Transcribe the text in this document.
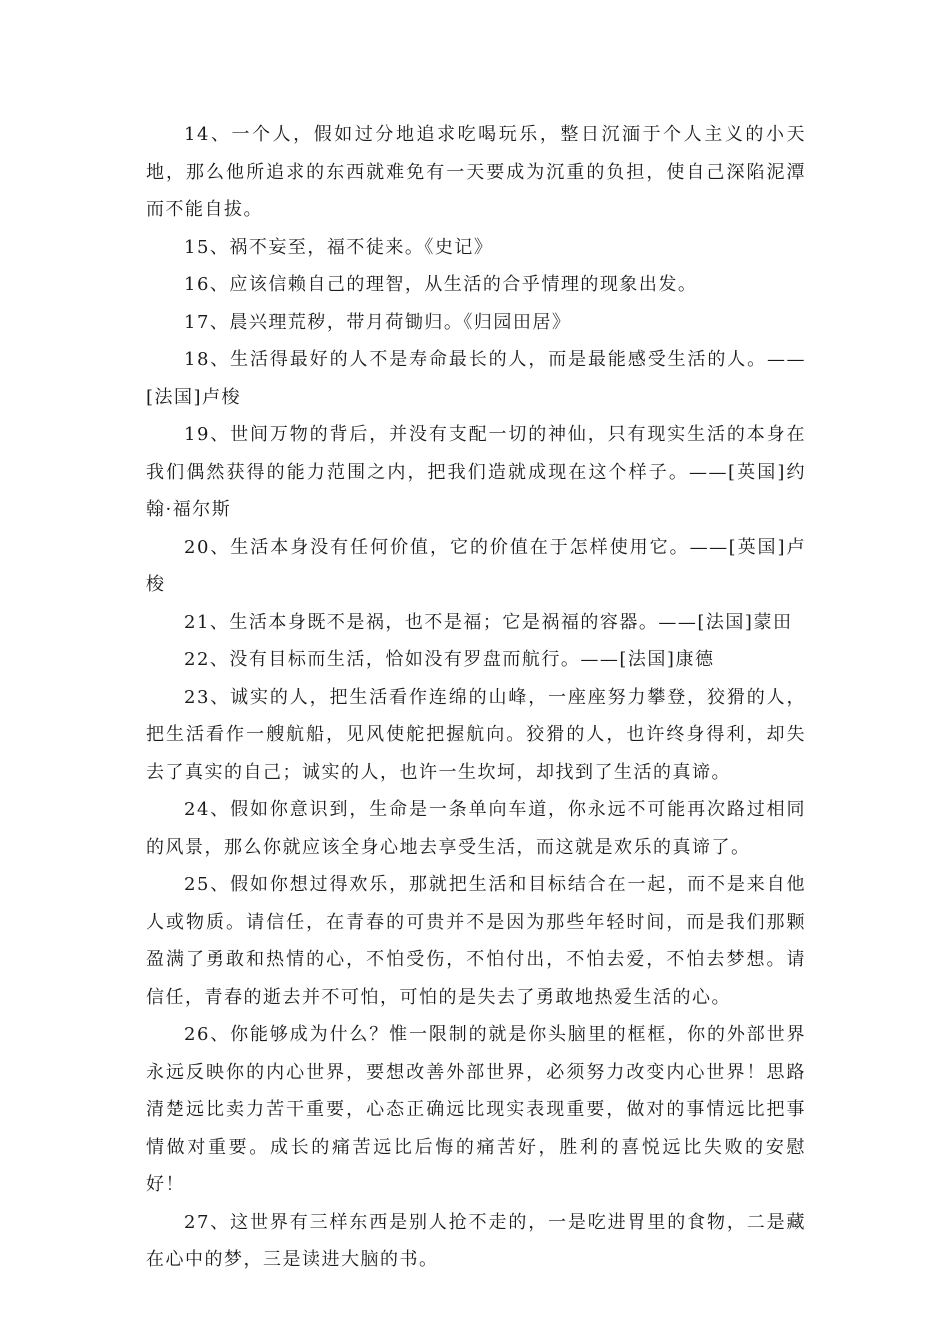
14、一个人，假如过分地追求吃喝玩乐，整日沉湎于个人主义的小天地，那么他所追求的东西就难免有一天要成为沉重的负担，使自己深陷泥潭而不能自拔。

15、祸不妄至，福不徒来。《史记》

16、应该信赖自己的理智，从生活的合乎情理的现象出发。

17、晨兴理荒秽，带月荷锄归。《归园田居》

18、生活得最好的人不是寿命最长的人，而是最能感受生活的人。——[法国]卢梭

19、世间万物的背后，并没有支配一切的神仙，只有现实生活的本身在我们偶然获得的能力范围之内，把我们造就成现在这个样子。——[英国]约翰·福尔斯

20、生活本身没有任何价值，它的价值在于怎样使用它。——[英国]卢梭

21、生活本身既不是祸，也不是福；它是祸福的容器。——[法国]蒙田

22、没有目标而生活，恰如没有罗盘而航行。——[法国]康德

23、诚实的人，把生活看作连绵的山峰，一座座努力攀登，狡猾的人，把生活看作一艘航船，见风使舵把握航向。狡猾的人，也许终身得利，却失去了真实的自己；诚实的人，也许一生坎坷，却找到了生活的真谛。

24、假如你意识到，生命是一条单向车道，你永远不可能再次路过相同的风景，那么你就应该全身心地去享受生活，而这就是欢乐的真谛了。

25、假如你想过得欢乐，那就把生活和目标结合在一起，而不是来自他人或物质。请信任，在青春的可贵并不是因为那些年轻时间，而是我们那颗盈满了勇敢和热情的心，不怕受伤，不怕付出，不怕去爱，不怕去梦想。请信任，青春的逝去并不可怕，可怕的是失去了勇敢地热爱生活的心。

26、你能够成为什么？惟一限制的就是你头脑里的框框，你的外部世界永远反映你的内心世界，要想改善外部世界，必须努力改变内心世界！思路清楚远比卖力苦干重要，心态正确远比现实表现重要，做对的事情远比把事情做对重要。成长的痛苦远比后悔的痛苦好，胜利的喜悦远比失败的安慰好！

27、这世界有三样东西是别人抢不走的，一是吃进胃里的食物，二是藏在心中的梦，三是读进大脑的书。
